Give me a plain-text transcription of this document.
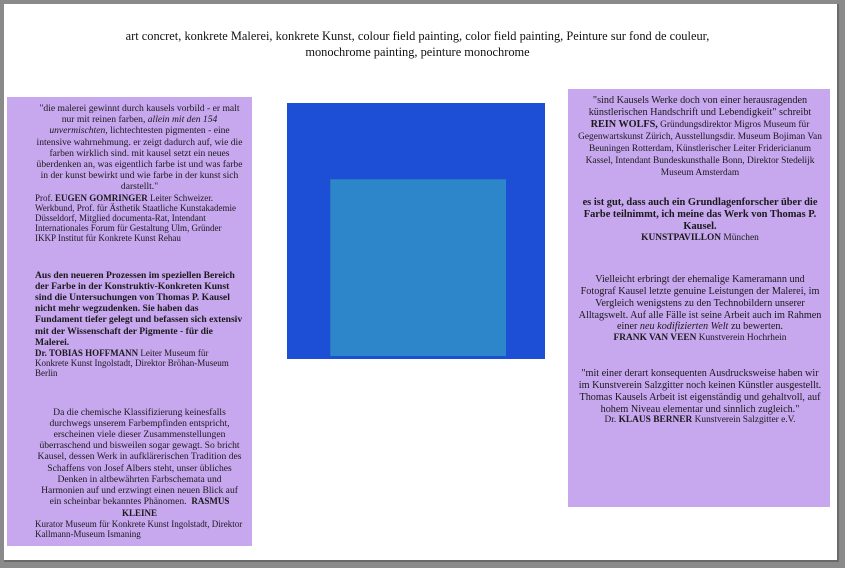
art concret, konkrete Malerei, konkrete Kunst, colour field painting, color field painting, Peinture sur fond de couleur,
monochrome painting, peinture monochrome

"die malerei gewinnt durch kausels vorbild - er malt nur mit reinen farben, allein mit den 154 unvermischten, lichtechtesten pigmenten - eine intensive wahrnehmung. er zeigt dadurch auf, wie die farben wirklich sind. mit kausel setzt ein neues überdenken an, was eigentlich farbe ist und was farbe in der kunst bewirkt und wie farbe in der kunst sich darstellt."

Prof. EUGEN GOMRINGER Leiter Schweizer. Werkbund, Prof. für Ästhetik Staatliche Kunstakademie Düsseldorf, Mitglied documenta-Rat, Intendant Internationales Forum für Gestaltung Ulm, Gründer IKKP Institut für Konkrete Kunst Rehau

Aus den neueren Prozessen im speziellen Bereich der Farbe in der Konstruktiv-Konkreten Kunst sind die Untersuchungen von Thomas P. Kausel nicht mehr wegzudenken. Sie haben das Fundament tiefer gelegt und befassen sich extensiv mit der Wissenschaft der Pigmente - für die Malerei.

Dr. TOBIAS HOFFMANN Leiter Museum für Konkrete Kunst Ingolstadt, Direktor Bröhan-Museum Berlin

Da die chemische Klassifizierung keinesfalls durchwegs unserem Farbempfinden entspricht, erscheinen viele dieser Zusammenstellungen überraschend und bisweilen sogar gewagt. So bricht Kausel, dessen Werk in aufklärerischen Tradition des Schaffens von Josef Albers steht, unser übliches Denken in altbewährten Farbschemata und Harmonien auf und erzwingt einen neuen Blick auf ein scheinbar bekanntes Phänomen. RASMUS KLEINE

Kurator Museum für Konkrete Kunst Ingolstadt, Direktor Kallmann-Museum Ismaning

"sind Kausels Werke doch von einer herausragenden künstlerischen Handschrift und Lebendigkeit" schreibt REIN WOLFS, Gründungsdirektor Migros Museum für Gegenwartskunst Zürich, Ausstellungsdir. Museum Bojiman Van Beuningen Rotterdam, Künstlerischer Leiter Fridericianum Kassel, Intendant Bundeskunsthalle Bonn, Direktor Stedelijk Museum Amsterdam

es ist gut, dass auch ein Grundlagenforscher über die Farbe teilnimmt, ich meine das Werk von Thomas P. Kausel.

KUNSTPAVILLON München

Vielleicht erbringt der ehemalige Kameramann und Fotograf Kausel letzte genuine Leistungen der Malerei, im Vergleich wenigstens zu den Technobildern unserer Alltagswelt. Auf alle Fälle ist seine Arbeit auch im Rahmen einer neu kodifizierten Welt zu bewerten.

FRANK VAN VEEN Kunstverein Hochrhein

"mit einer derart konsequenten Ausdrucksweise haben wir im Kunstverein Salzgitter noch keinen Künstler ausgestellt. Thomas Kausels Arbeit ist eigenständig und gehaltvoll, auf hohem Niveau elementar und sinnlich zugleich."

Dr. KLAUS BERNER Kunstverein Salzgitter e.V.
